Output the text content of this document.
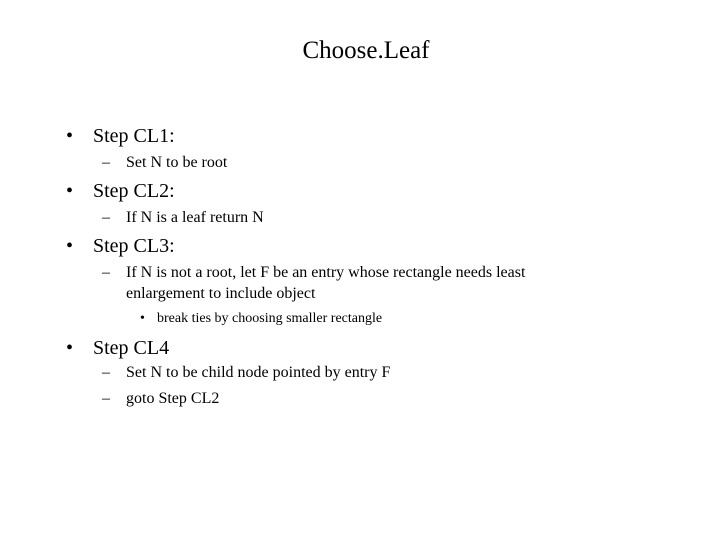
Choose.Leaf
• Step CL1:
– Set N to be root
• Step CL2:
– If N is a leaf return N
• Step CL3:
– If N is not a root, let F be an entry whose rectangle needs least
enlargement to include object
• break ties by choosing smaller rectangle
• Step CL4
– Set N to be child node pointed by entry F
– goto Step CL2
